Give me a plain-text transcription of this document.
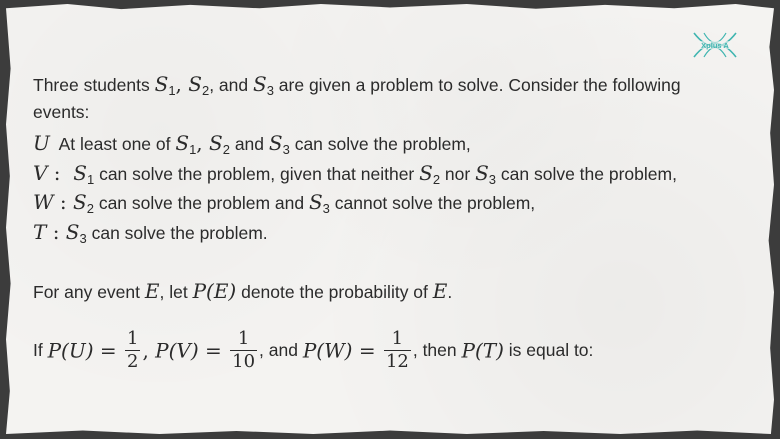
Xplus A
Three students $S_1$, $S_2$, and $S_3$ are given a problem to solve. Consider the following
events:
U  At least one of $S_1$, $S_2$ and $S_3$ can solve the problem,
V :  $S_1$ can solve the problem, given that neither $S_2$ nor $S_3$ can solve the problem,
W : $S_2$ can solve the problem and $S_3$ cannot solve the problem,
T : $S_3$ can solve the problem.
For any event E, let P(E) denote the probability of E.
If $P(U) = \frac{1}{2}$ , $P(V) = \frac{1}{10}$ , and $P(W) = \frac{1}{12}$ , then P(T) is equal to:
